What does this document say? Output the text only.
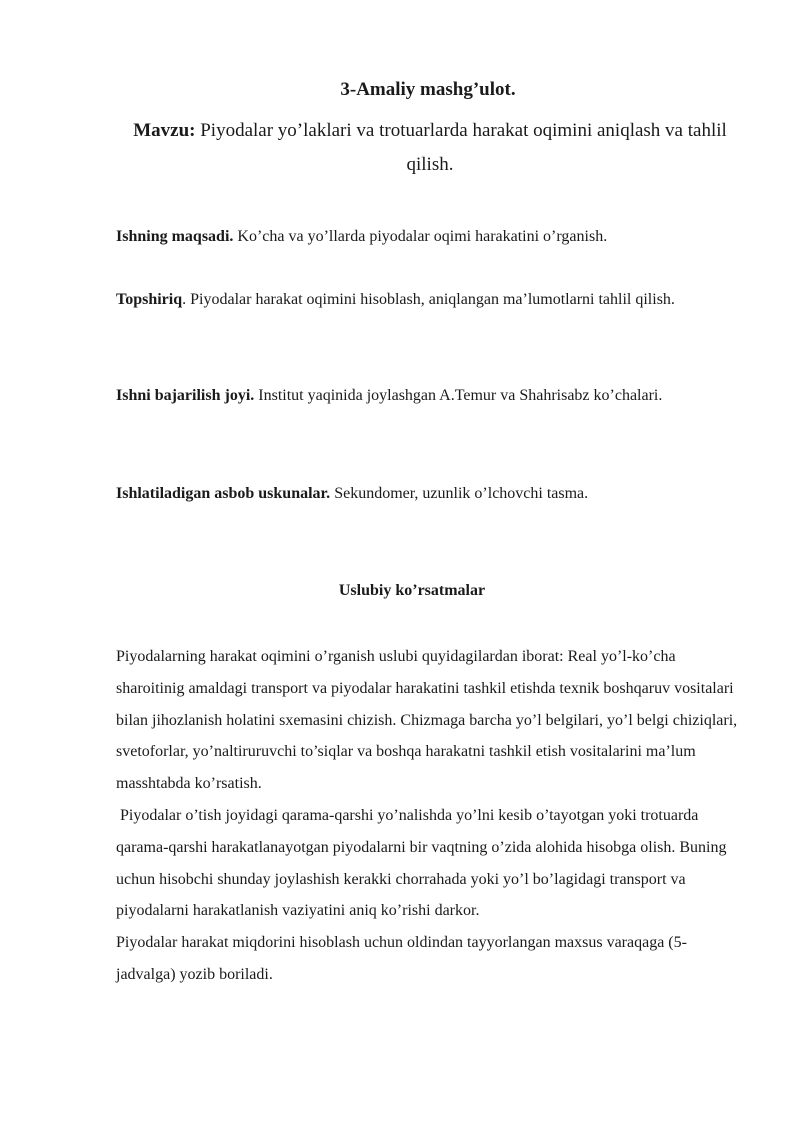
3-Amaliy mashg’ulot.
Mavzu: Piyodalar yo’laklari va trotuarlarda harakat oqimini aniqlash va tahlil qilish.
Ishning maqsadi. Ko’cha va yo’llarda piyodalar oqimi harakatini o’rganish.
Topshiriq. Piyodalar harakat oqimini hisoblash, aniqlangan ma’lumotlarni tahlil qilish.
Ishni bajarilish joyi. Institut yaqinida joylashgan A.Temur va Shahrisabz ko’chalari.
Ishlatiladigan asbob uskunalar. Sekundomer, uzunlik o’lchovchi tasma.
Uslubiy ko’rsatmalar

Piyodalarning harakat oqimini o’rganish uslubi quyidagilardan iborat: Real yo’l-ko’cha sharoitinig amaldagi transport va piyodalar harakatini tashkil etishda texnik boshqaruv vositalari bilan jihozlanish holatini sxemasini chizish. Chizmaga barcha yo’l belgilari, yo’l belgi chiziqlari, svetoforlar, yo’naltiruruvchi to’siqlar va boshqa harakatni tashkil etish vositalarini ma’lum masshtabda ko’rsatish.

Piyodalar o’tish joyidagi qarama-qarshi yo’nalishda yo’lni kesib o’tayotgan yoki trotuarda qarama-qarshi harakatlanayotgan piyodalarni bir vaqtning o’zida alohida hisobga olish. Buning uchun hisobchi shunday joylashish kerakki chorrahada yoki yo’l bo’lagidagi transport va piyodalarni harakatlanish vaziyatini aniq ko’rishi darkor.

Piyodalar harakat miqdorini hisoblash uchun oldindan tayyorlangan maxsus varaqaga (5-jadvalga) yozib boriladi.
